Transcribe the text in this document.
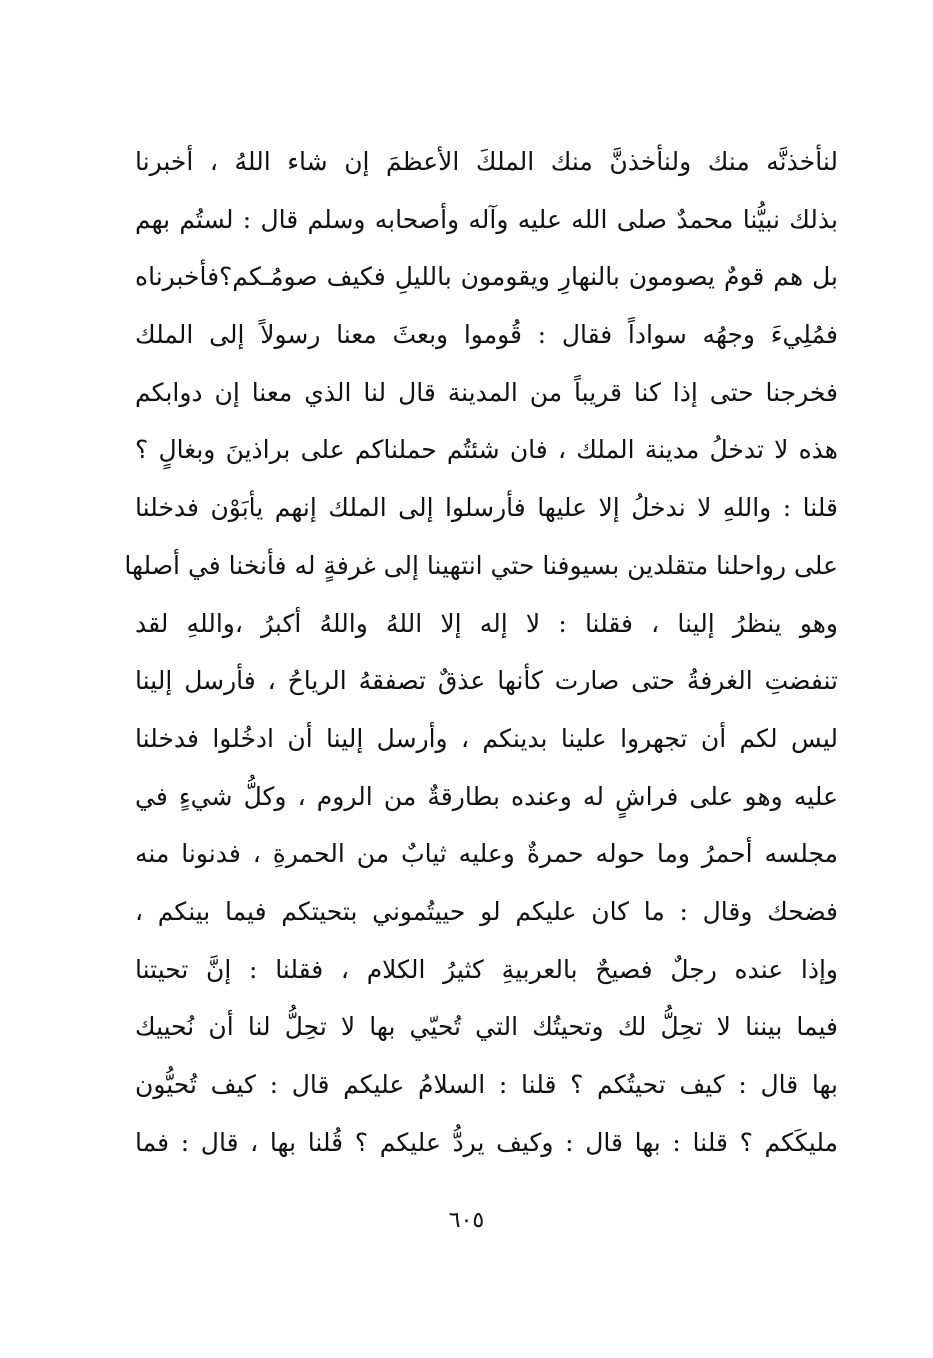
لنأخذنَّه منك ولنأخذنَّ منك الملكَ الأعظمَ إن شاء اللهُ ، أخبرنا
بذلك نبيُّنا محمدٌ صلى الله عليه وآله وأصحابه وسلم قال : لستُم بهم
بل هم قومٌ يصومون بالنهارِ ويقومون بالليلِ فكيف صومُـكم؟فأخبرناه
فمُلِيءَ وجهُه سواداً فقال : قُوموا وبعثَ معنا رسولاً إلى الملك
فخرجنا حتى إذا كنا قريباً من المدينة قال لنا الذي معنا إن دوابكم
هذه لا تدخلُ مدينة الملك ، فان شئتُم حملناكم على براذينَ وبغالٍ ؟
قلنا : واللهِ لا ندخلُ إلا عليها فأرسلوا إلى الملك إنهم يأبَوْن فدخلنا
على رواحلنا متقلدين بسيوفنا حتي انتهينا إلى غرفةٍ له فأنخنا في أصلها
وهو ينظرُ إلينا ، فقلنا : لا إله إلا اللهُ واللهُ أكبرُ ،واللهِ لقد
تنفضتِ الغرفةُ حتى صارت كأنها عذقٌ تصفقهُ الرياحُ ، فأرسل إلينا
ليس لكم أن تجهروا علينا بدينكم ، وأرسل إلينا أن ادخُلوا فدخلنا
عليه وهو على فراشٍ له وعنده بطارقةٌ من الروم ، وكلُّ شيءٍ في
مجلسه أحمرُ وما حوله حمرةٌ وعليه ثيابٌ من الحمرةِ ، فدنونا منه
فضحك وقال : ما كان عليكم لو حييتُموني بتحيتكم فيما بينكم ،
وإذا عنده رجلٌ فصيحٌ بالعربيةِ كثيرُ الكلام ، فقلنا : إنَّ تحيتنا
فيما بيننا لا تحِلُّ لك وتحيتُك التي تُحيّي بها لا تحِلُّ لنا أن نُحييك
بها قال : كيف تحيتُكم ؟ قلنا : السلامُ عليكم قال : كيف تُحيُّون
مليكَكم ؟ قلنا : بها قال : وكيف يردُّ عليكم ؟ قُلنا بها ، قال : فما
٦٠٥
